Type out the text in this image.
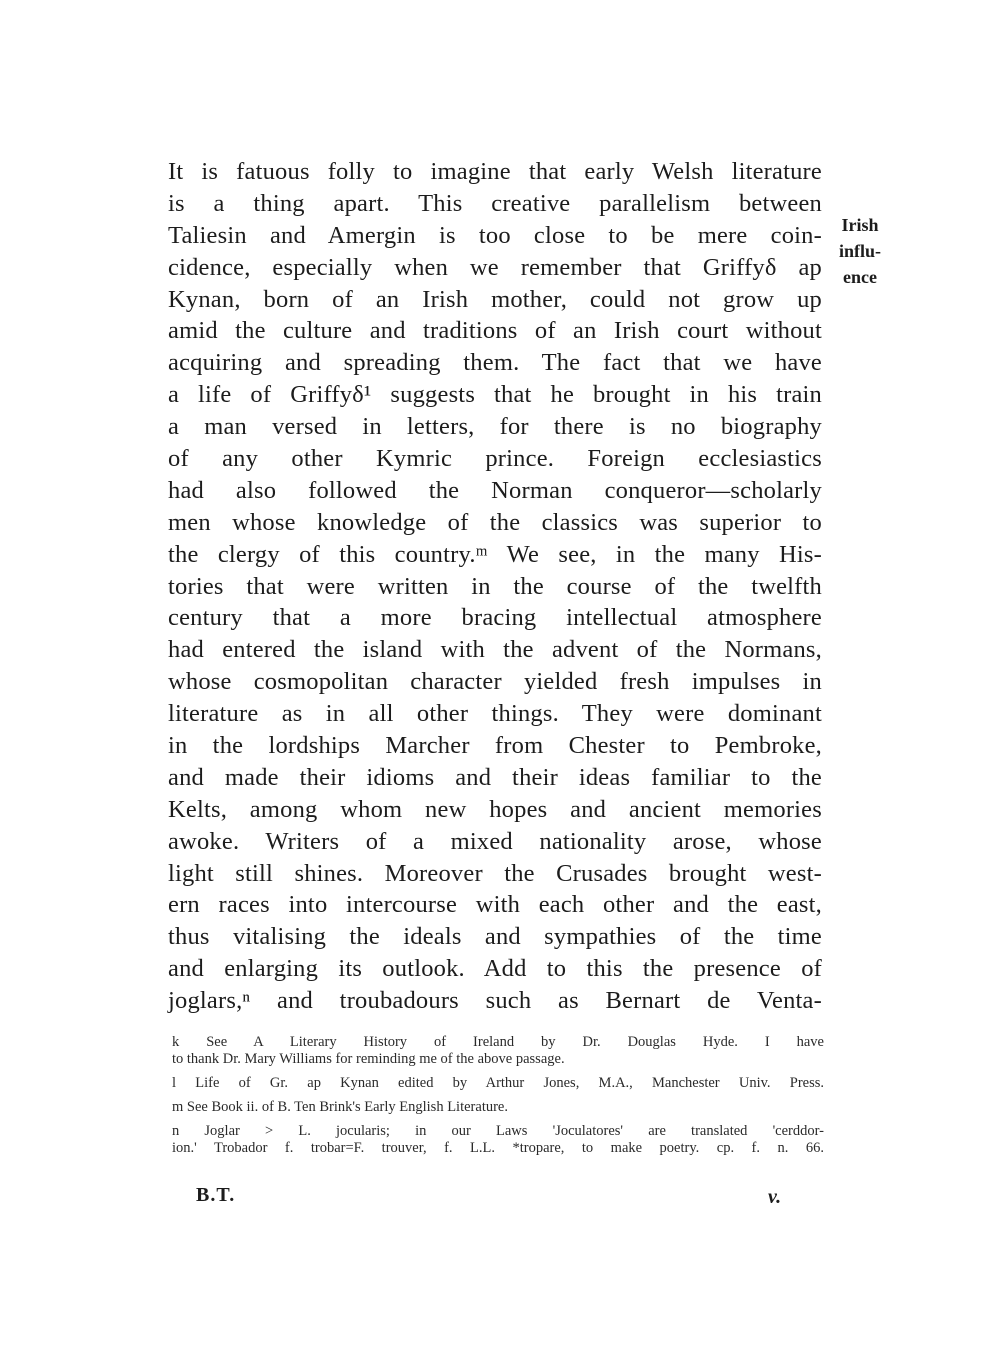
It is fatuous folly to imagine that early Welsh literature
is a thing apart. This creative parallelism between
Taliesin and Amergin is too close to be mere coin-
cidence, especially when we remember that Griffyδ ap
Kynan, born of an Irish mother, could not grow up
amid the culture and traditions of an Irish court without
acquiring and spreading them. The fact that we have
a life of Griffyδ¹ suggests that he brought in his train
a man versed in letters, for there is no biography
of any other Kymric prince. Foreign ecclesiastics
had also followed the Norman conqueror—scholarly
men whose knowledge of the classics was superior to
the clergy of this country.ᵐ We see, in the many His-
tories that were written in the course of the twelfth
century that a more bracing intellectual atmosphere
had entered the island with the advent of the Normans,
whose cosmopolitan character yielded fresh impulses in
literature as in all other things. They were dominant
in the lordships Marcher from Chester to Pembroke,
and made their idioms and their ideas familiar to the
Kelts, among whom new hopes and ancient memories
awoke. Writers of a mixed nationality arose, whose
light still shines. Moreover the Crusades brought west-
ern races into intercourse with each other and the east,
thus vitalising the ideals and sympathies of the time
and enlarging its outlook. Add to this the presence of
joglars,ⁿ and troubadours such as Bernart de Venta-
Irish
influ-
ence
k See A Literary History of Ireland by Dr. Douglas Hyde. I have
to thank Dr. Mary Williams for reminding me of the above passage.
l Life of Gr. ap Kynan edited by Arthur Jones, M.A., Manchester Univ. Press.
m See Book ii. of B. Ten Brink's Early English Literature.
n Joglar > L. jocularis; in our Laws 'Joculatores' are translated 'cerddor-
ion.' Trobador f. trobar=F. trouver, f. L.L. *tropare, to make poetry. cp. f. n. 66.
B.T.	v.
